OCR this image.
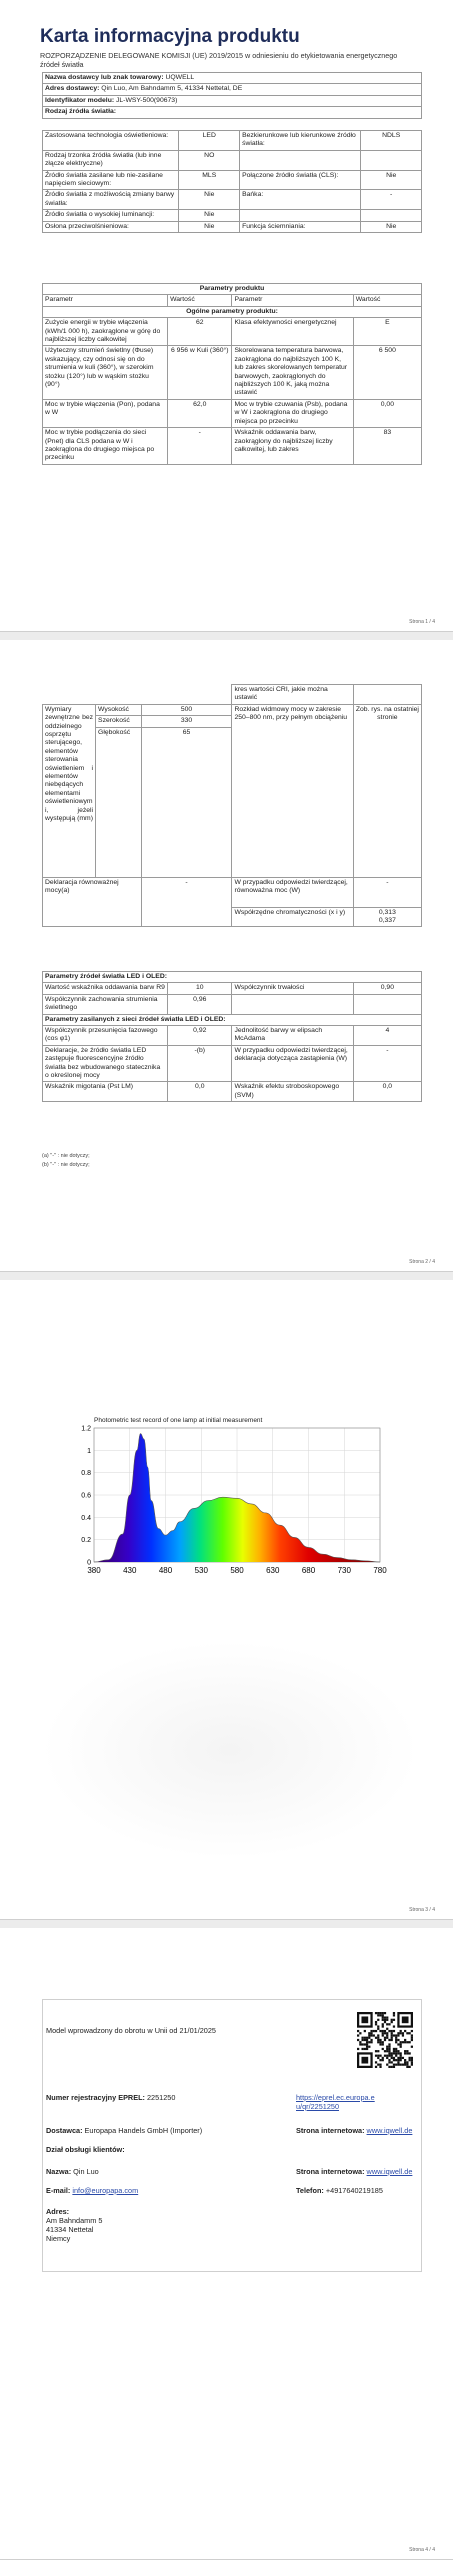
Karta informacyjna produktu
ROZPORZĄDZENIE DELEGOWANE KOMISJI (UE) 2019/2015 w odniesieniu do etykietowania energetycznego źródeł światła
Nazwa dostawcy lub znak towarowy: UQWELL
Adres dostawcy: Qin Luo, Am Bahndamm 5, 41334 Nettetal, DE
Identyfikator modelu: JL-WSY-500(90673)
Rodzaj źródła światła:
Zastosowana technologia oświetleniowa:	LED	Bezkierunkowe lub kierunkowe źródło światła:	NDLS
Rodzaj trzonka źródła światła (lub inne złącze elektryczne)	NO		
Źródło światła zasilane lub nie-zasilane napięciem sieciowym:	MLS	Połączone źródło światła (CLS):	Nie
Źródło światła z możliwością zmiany barwy światła:	Nie	Bańka:	-
Źródło światła o wysokiej luminancji:	Nie		
Osłona przeciwolśnieniowa:	Nie	Funkcja ściemniania:	Nie
Parametry produktu			
Parametr	Wartość	Parametr	Wartość
Ogólne parametry produktu:			
Zużycie energii w trybie włączenia (kWh/1 000 h), zaokrąglone w górę do najbliższej liczby całkowitej	62	Klasa efektywności energetycznej	E
Użyteczny strumień świetlny (Φuse) wskazujący, czy odnosi się on do strumienia w kuli (360°), w szerokim stożku (120°) lub w wąskim stożku (90°)	6 956 w Kuli (360°)	Skorelowana temperatura barwowa, zaokrąglona do najbliższych 100 K, lub zakres skorelowanych temperatur barwowych, zaokrąglonych do najbliższych 100 K, jaką można ustawić	6 500
Moc w trybie włączenia (Pon), podana w W	62,0	Moc w trybie czuwania (Psb), podana w W i zaokrąglona do drugiego miejsca po przecinku	0,00
Moc w trybie podłączenia do sieci (Pnet) dla CLS podana w W i zaokrąglona do drugiego miejsca po przecinku	-	Wskaźnik oddawania barw, zaokrąglony do najbliższej liczby całkowitej, lub zakres	83
Strona 1 / 4
			kres wartości CRI, jakie można ustawić	
Wymiary zewnętrzne bez oddzielnego osprzętu sterującego, elementów sterowania oświetleniem i elementów niebędących elementami oświetleniowymi, jeżeli występują (mm)	Wysokość	500	Rozkład widmowy mocy w zakresie 250–800 nm, przy pełnym obciążeniu	Zob. rys. na ostatniej stronie
	Szerokość	330		
	Głębokość	65		
Deklaracja równoważnej mocy(a)		-	W przypadku odpowiedzi twierdzącej, równoważna moc (W)	-
			Współrzędne chromatyczności (x i y)	0,313
0,337
Parametry źródeł światła LED i OLED:			
Wartość wskaźnika oddawania barw R9	10	Współczynnik trwałości	0,90
Współczynnik zachowania strumienia świetlnego	0,96		
Parametry zasilanych z sieci źródeł światła LED i OLED:			
Współczynnik przesunięcia fazowego (cos φ1)	0,92	Jednolitość barwy w elipsach McAdama	4
Deklaracje, że źródło światła LED zastępuje fluorescencyjne źródło światła bez wbudowanego statecznika o określonej mocy	-(b)	W przypadku odpowiedzi twierdzącej, deklaracja dotycząca zastąpienia (W)	-
Wskaźnik migotania (Pst LM)	0,0	Wskaźnik efektu stroboskopowego (SVM)	0,0
(a) "-" : nie dotyczy;
(b) "-" : nie dotyczy;
Strona 2 / 4
Strona 3 / 4
Photometric test record of one lamp at initial measurement
0
0.2
0.4
0.6
0.8
1
1.2
380	430	480	530	580	630	680	730	780
Strona 4 / 4
Model wprowadzony do obrotu w Unii od 21/01/2025
Numer rejestracyjny EPREL: 2251250	https://eprel.ec.europa.eu/qr/2251250
Dostawca: Europapa Handels GmbH (Importer)	Strona internetowa: www.iqwell.de
Dział obsługi klientów:
Nazwa: Qin Luo	Strona internetowa: www.iqwell.de
E-mail: info@europapa.com	Telefon: +4917640219185
Adres:
Am Bahndamm 5
41334 Nettetal
Niemcy
